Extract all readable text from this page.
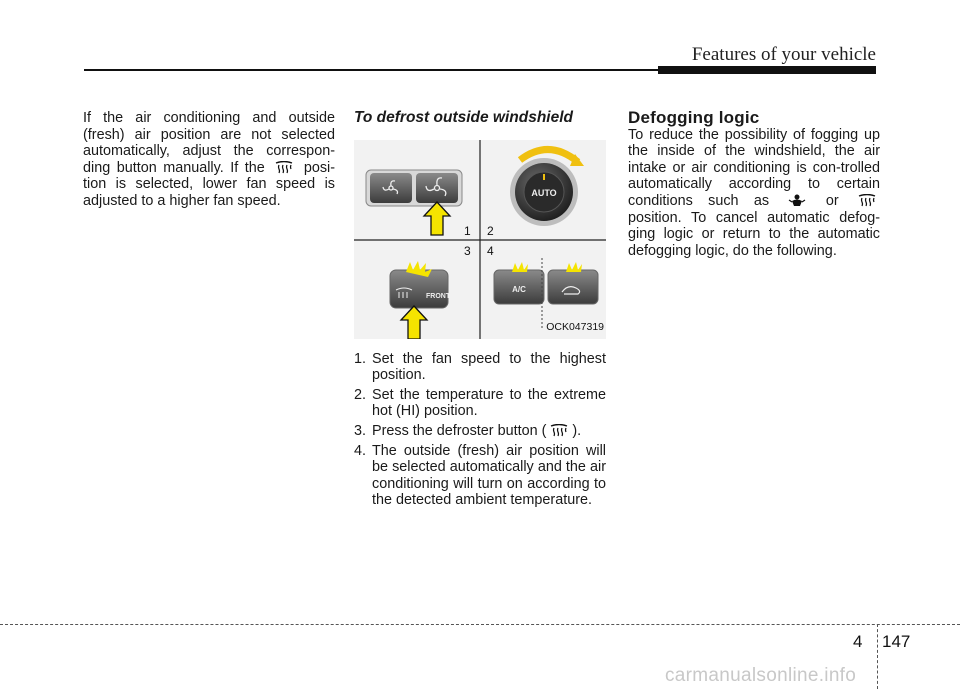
Features of your vehicle

If the air conditioning and outside (fresh) air position are not selected automatically, adjust the correspon-ding button manually. If the	posi-tion is selected, lower fan speed is adjusted to a higher fan speed.

To defrost outside windshield

AUTO
FRONT
A/C
1 2
3 4
OCK047319
1. Set the fan speed to the highest position.
2. Set the temperature to the extreme hot (HI) position.
3. Press the defroster button ( ).
4. The outside (fresh) air position will be selected automatically and the air conditioning will turn on according to the detected ambient temperature.

Defogging logic

To reduce the possibility of fogging up the inside of the windshield, the air intake or air conditioning is con-trolled automatically according to certain conditions such as	or  position. To cancel automatic defog-ging logic or return to the automatic defogging logic, do the following.

4 147
carmanualsonline.info
